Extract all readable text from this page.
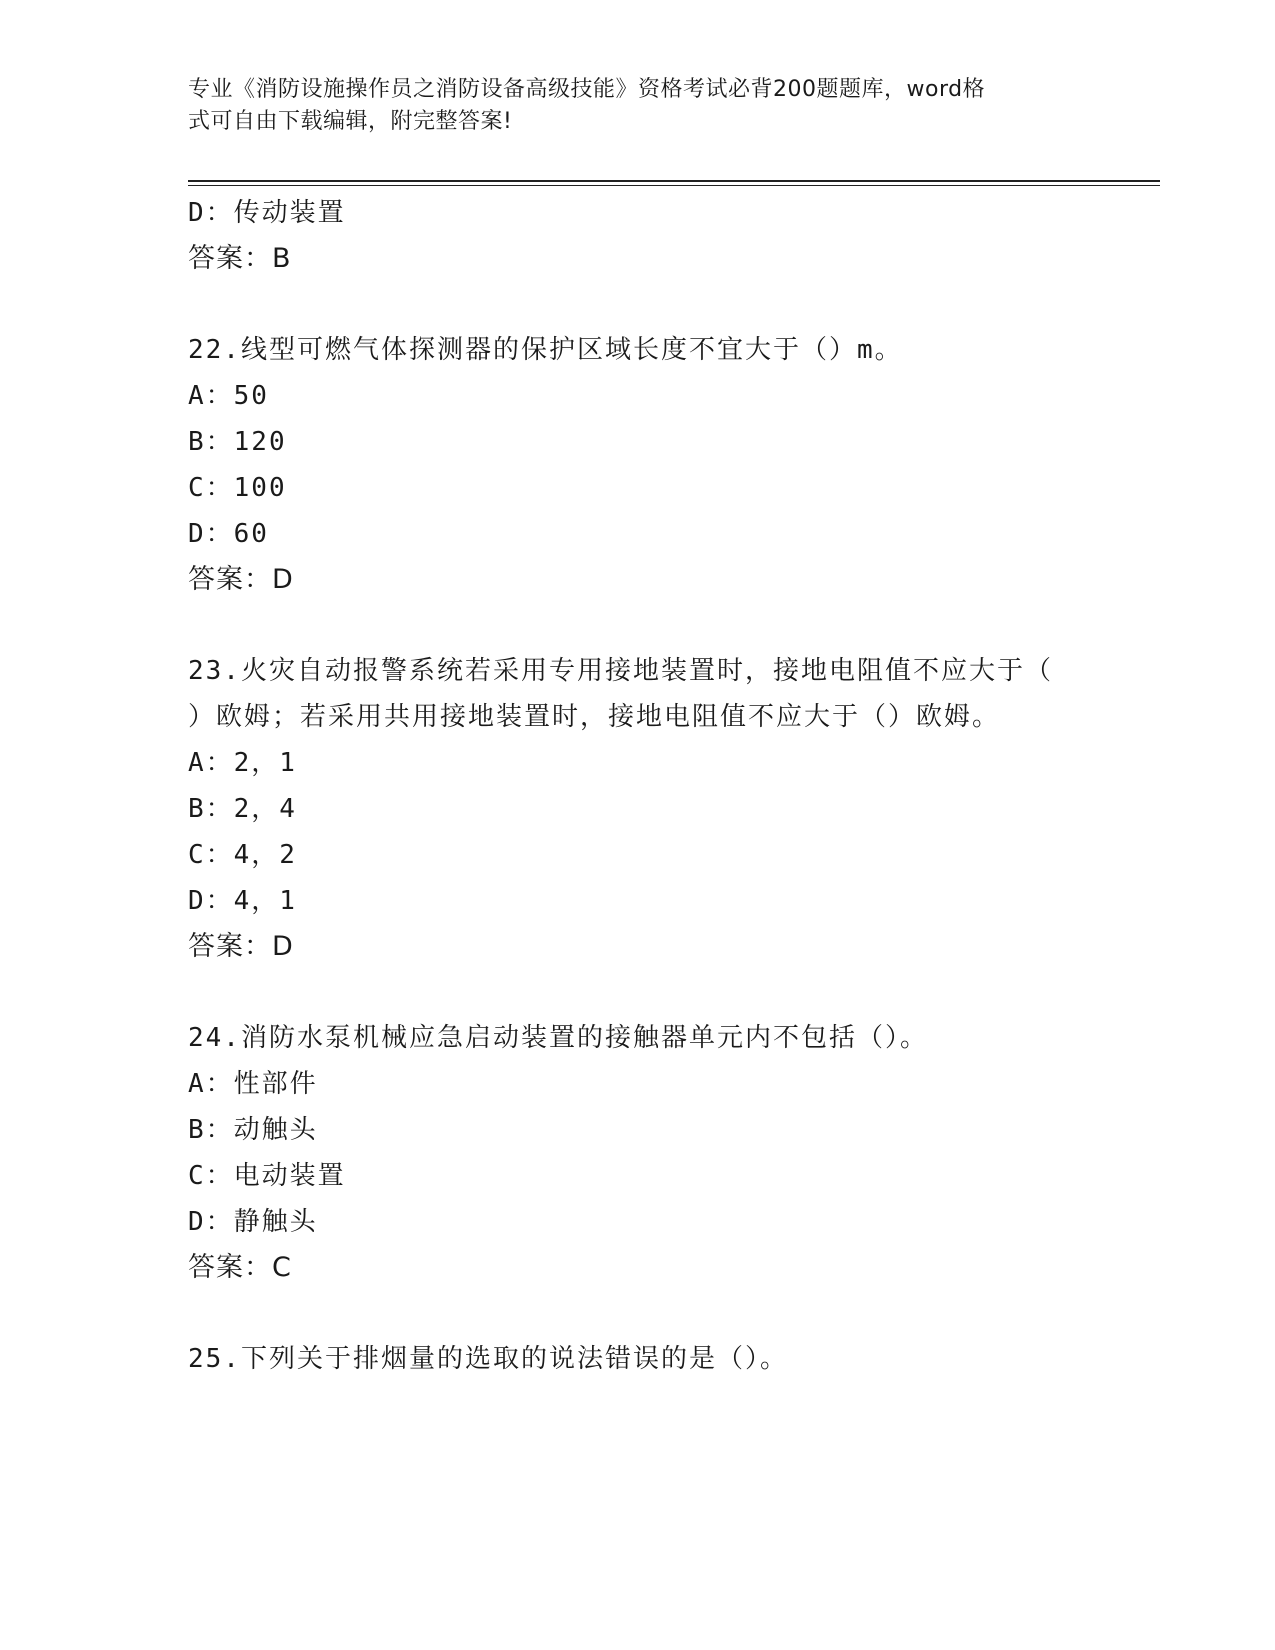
专业《消防设施操作员之消防设备高级技能》资格考试必背200题题库，word格
式可自由下载编辑，附完整答案!
D：传动装置
答案：B
22.线型可燃气体探测器的保护区域长度不宜大于（）m。
A：50
B：120
C：100
D：60
答案：D
23.火灾自动报警系统若采用专用接地装置时，接地电阻值不应大于（
）欧姆；若采用共用接地装置时，接地电阻值不应大于（）欧姆。
A：2，1
B：2，4
C：4，2
D：4，1
答案：D
24.消防水泵机械应急启动装置的接触器单元内不包括（）。
A：性部件
B：动触头
C：电动装置
D：静触头
答案：C
25.下列关于排烟量的选取的说法错误的是（）。
